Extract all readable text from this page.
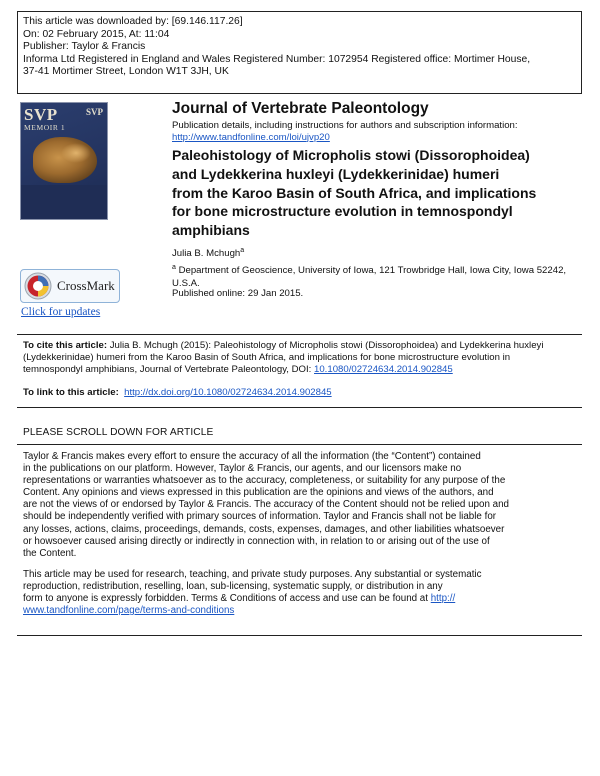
This article was downloaded by: [69.146.117.26]
On: 02 February 2015, At: 11:04
Publisher: Taylor & Francis
Informa Ltd Registered in England and Wales Registered Number: 1072954 Registered office: Mortimer House,
37-41 Mortimer Street, London W1T 3JH, UK
SVP
MEMOIR 1
SVP
CrossMark
Click for updates
Journal of Vertebrate Paleontology
Publication details, including instructions for authors and subscription information:
http://www.tandfonline.com/loi/ujvp20
Paleohistology of Micropholis stowi (Dissorophoidea)
and Lydekkerina huxleyi (Lydekkerinidae) humeri
from the Karoo Basin of South Africa, and implications
for bone microstructure evolution in temnospondyl
amphibians
Julia B. Mchugh$^a$
$^a$ Department of Geoscience, University of Iowa, 121 Trowbridge Hall, Iowa City, Iowa 52242,
U.S.A.
Published online: 29 Jan 2015.
To cite this article: Julia B. Mchugh (2015): Paleohistology of Micropholis stowi (Dissorophoidea) and Lydekkerina huxleyi
(Lydekkerinidae) humeri from the Karoo Basin of South Africa, and implications for bone microstructure evolution in
temnospondyl amphibians, Journal of Vertebrate Paleontology, DOI: 10.1080/02724634.2014.902845
To link to this article: http://dx.doi.org/10.1080/02724634.2014.902845
PLEASE SCROLL DOWN FOR ARTICLE

Taylor & Francis makes every effort to ensure the accuracy of all the information (the “Content”) contained
in the publications on our platform. However, Taylor & Francis, our agents, and our licensors make no
representations or warranties whatsoever as to the accuracy, completeness, or suitability for any purpose of the
Content. Any opinions and views expressed in this publication are the opinions and views of the authors, and
are not the views of or endorsed by Taylor & Francis. The accuracy of the Content should not be relied upon and
should be independently verified with primary sources of information. Taylor and Francis shall not be liable for
any losses, actions, claims, proceedings, demands, costs, expenses, damages, and other liabilities whatsoever
or howsoever caused arising directly or indirectly in connection with, in relation to or arising out of the use of
the Content.

This article may be used for research, teaching, and private study purposes. Any substantial or systematic
reproduction, redistribution, reselling, loan, sub-licensing, systematic supply, or distribution in any
form to anyone is expressly forbidden. Terms & Conditions of access and use can be found at http://
www.tandfonline.com/page/terms-and-conditions
